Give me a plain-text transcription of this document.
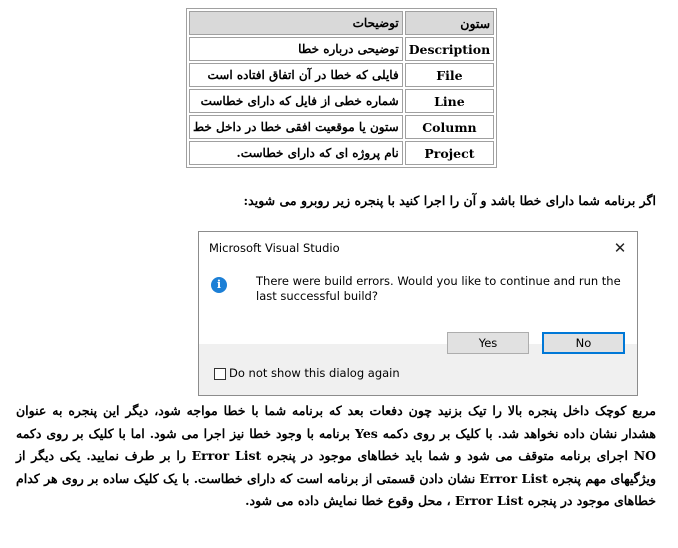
توضیحات	ستون
توضیحی درباره خطا	Description
فایلی که خطا در آن اتفاق افتاده است	File
شماره خطی از فایل که دارای خطاست	Line
ستون یا موقعیت افقی خطا در داخل خط	Column
نام پروژه ای که دارای خطاست.	Project
اگر برنامه شما دارای خطا باشد و آن را اجرا کنید با پنجره زیر روبرو می شوید:
Microsoft Visual Studio	✕
i	There were build errors. Would you like to continue and run the last successful build?
Yes	No
Do not show this dialog again
مربع کوچک داخل پنجره بالا را تیک بزنید چون دفعات بعد که برنامه شما با خطا مواجه شود، دیگر این پنجره به عنوان هشدار نشان داده نخواهد شد. با کلیک بر روی دکمه Yes برنامه با وجود خطا نیز اجرا می شود. اما با کلیک بر روی دکمه NO اجرای برنامه متوقف می شود و شما باید خطاهای موجود در پنجره Error List را بر طرف نمایید. یکی دیگر از ویژگیهای مهم پنجره Error List نشان دادن قسمتی از برنامه است که دارای خطاست. با یک کلیک ساده بر روی هر کدام خطاهای موجود در پنجره Error List ، محل وقوع خطا نمایش داده می شود.
